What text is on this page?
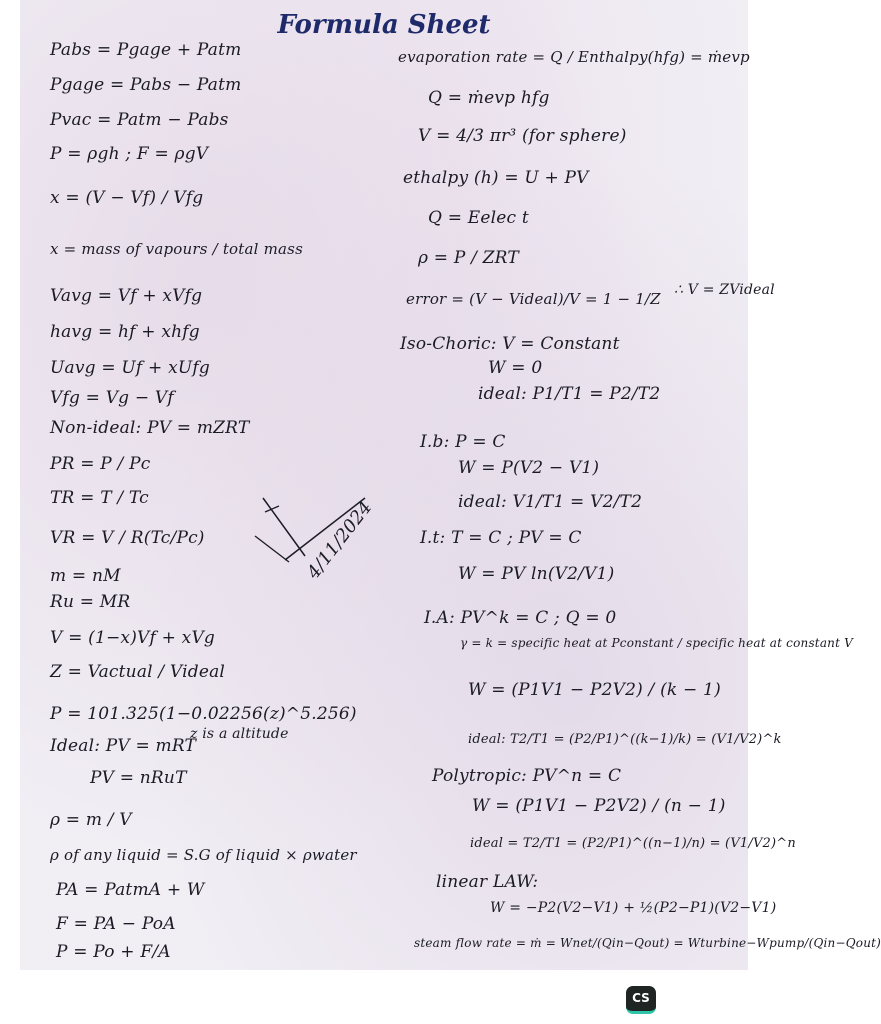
Formula Sheet
Pabs = Pgage + Patm
Pgage = Pabs − Patm
Pvac = Patm − Pabs
P = ρgh ; F = ρgV
x = (V − Vf) / Vfg
x = mass of vapours / total mass
Vavg = Vf + xVfg
havg = hf + xhfg
Uavg = Uf + xUfg
Vfg = Vg − Vf
Non-ideal: PV = mZRT
PR = P / Pc
TR = T / Tc
VR = V / R(Tc/Pc)
m = nM
Ru = MR
V = (1−x)Vf + xVg
Z = Vactual / Videal
P = 101.325(1−0.02256(z)^5.256)
z is a altitude
Ideal: PV = mRT
PV = nRuT
ρ = m / V
ρ of any liquid = S.G of liquid × ρwater
PA = PatmA + W
F = PA − PoA
P = Po + F/A
evaporation rate = Q / Enthalpy(hfg) = ṁevp
Q = ṁevp hfg
V = 4/3 πr³ (for sphere)
ethalpy (h) = U + PV
Q = Eelec t
ρ = P / ZRT
error = (V − Videal)/V = 1 − 1/Z ∴ V = ZVideal
Iso-Choric: V = Constant
W = 0
ideal: P1/T1 = P2/T2
I.b: P = C
W = P(V2 − V1)
ideal: V1/T1 = V2/T2
I.t: T = C ; PV = C
W = PV ln(V2/V1)
I.A: PV^k = C ; Q = 0
γ = k = specific heat at Pconstant / specific heat at constant V
W = (P1V1 − P2V2) / (k − 1)
ideal: T2/T1 = (P2/P1)^((k−1)/k) = (V1/V2)^k
Polytropic: PV^n = C
W = (P1V1 − P2V2) / (n − 1)
ideal = T2/T1 = (P2/P1)^((n−1)/n) = (V1/V2)^n
linear LAW:
W = −P2(V2−V1) + ½(P2−P1)(V2−V1)
steam flow rate = ṁ = Wnet/(Qin−Qout) = Wturbine−Wpump/(Qin−Qout)
4/11/2024
CS
